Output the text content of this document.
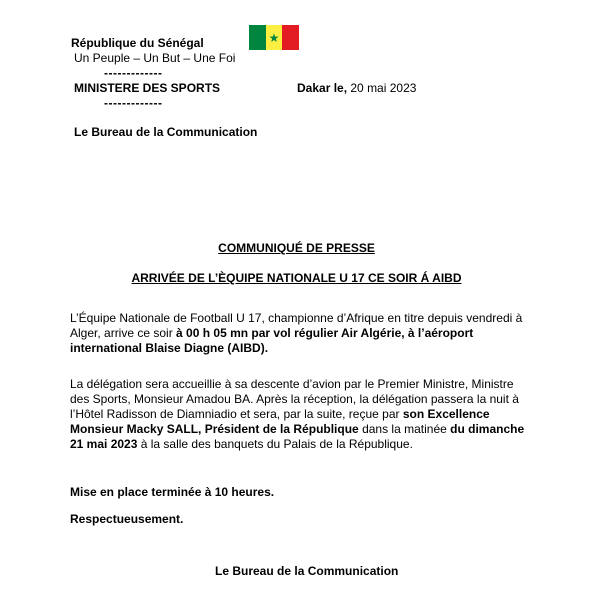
★
République du Sénégal
Un Peuple – Un But – Une Foi
-------------
MINISTERE DES SPORTS
-------------
Dakar le, 20 mai 2023
Le Bureau de la Communication
COMMUNIQUÉ DE PRESSE
ARRIVÉE DE L’ÈQUIPE NATIONALE U 17 CE SOIR Á AIBD
L’Équipe Nationale de Football U 17, championne d’Afrique en titre depuis vendredi à Alger, arrive ce soir à 00 h 05 mn par vol régulier Air Algérie, à l’aéroport international Blaise Diagne (AIBD).
La délégation sera accueillie à sa descente d’avion par le Premier Ministre, Ministre des Sports, Monsieur Amadou BA. Après la réception, la délégation passera la nuit à l’Hôtel Radisson de Diamniadio et sera, par la suite, reçue par son Excellence Monsieur Macky SALL, Président de la République dans la matinée du dimanche 21 mai 2023 à la salle des banquets du Palais de la République.
Mise en place terminée à 10 heures.
Respectueusement.
Le Bureau de la Communication
